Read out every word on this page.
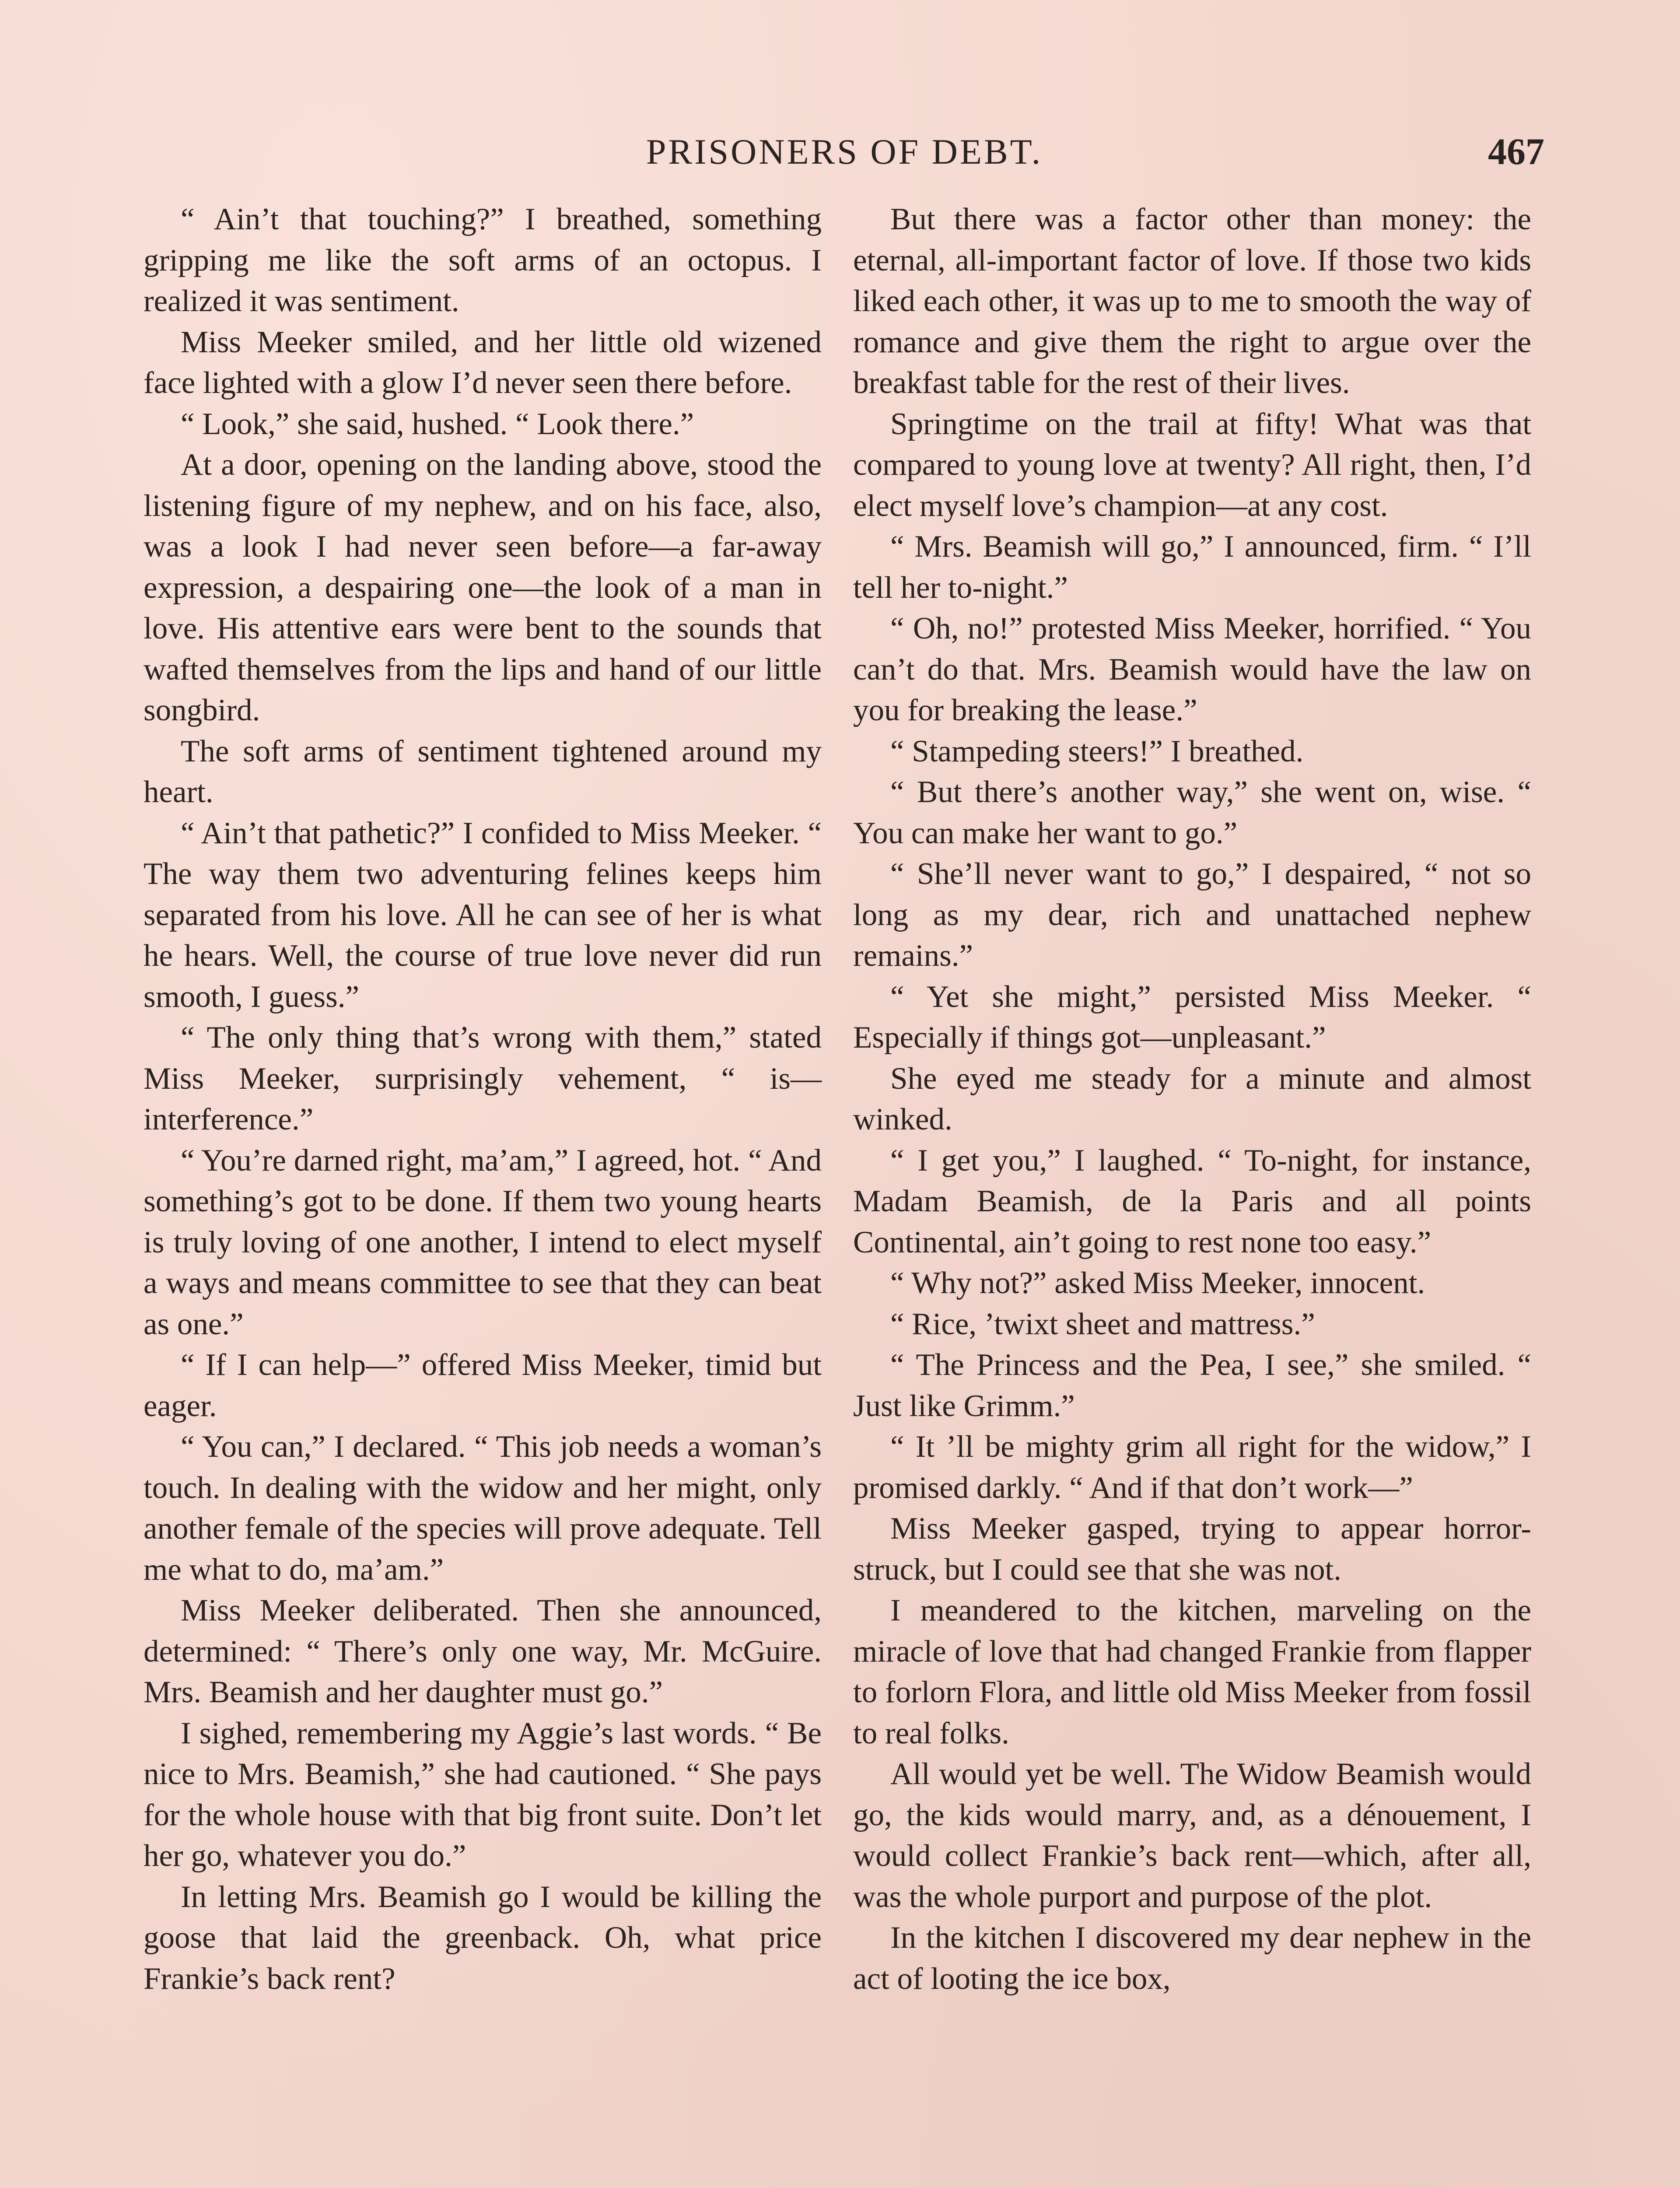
PRISONERS OF DEBT.	467

“ Ain’t that touching?” I breathed, something gripping me like the soft arms of an octopus. I realized it was sentiment.

Miss Meeker smiled, and her little old wizened face lighted with a glow I’d never seen there before.

“ Look,” she said, hushed. “ Look there.”

At a door, opening on the landing above, stood the listening figure of my nephew, and on his face, also, was a look I had never seen before—a far-away expression, a despairing one—the look of a man in love. His attentive ears were bent to the sounds that wafted themselves from the lips and hand of our little songbird.

The soft arms of sentiment tightened around my heart.

“ Ain’t that pathetic?” I confided to Miss Meeker. “ The way them two adventuring felines keeps him separated from his love. All he can see of her is what he hears. Well, the course of true love never did run smooth, I guess.”

“ The only thing that’s wrong with them,” stated Miss Meeker, surprisingly vehement, “ is—interference.”

“ You’re darned right, ma’am,” I agreed, hot. “ And something’s got to be done. If them two young hearts is truly loving of one another, I intend to elect myself a ways and means committee to see that they can beat as one.”

“ If I can help—” offered Miss Meeker, timid but eager.

“ You can,” I declared. “ This job needs a woman’s touch. In dealing with the widow and her might, only another female of the species will prove adequate. Tell me what to do, ma’am.”

Miss Meeker deliberated. Then she announced, determined: “ There’s only one way, Mr. McGuire. Mrs. Beamish and her daughter must go.”

I sighed, remembering my Aggie’s last words. “ Be nice to Mrs. Beamish,” she had cautioned. “ She pays for the whole house with that big front suite. Don’t let her go, whatever you do.”

In letting Mrs. Beamish go I would be killing the goose that laid the greenback. Oh, what price Frankie’s back rent?

But there was a factor other than money: the eternal, all-important factor of love. If those two kids liked each other, it was up to me to smooth the way of romance and give them the right to argue over the breakfast table for the rest of their lives.

Springtime on the trail at fifty! What was that compared to young love at twenty? All right, then, I’d elect myself love’s champion—at any cost.

“ Mrs. Beamish will go,” I announced, firm. “ I’ll tell her to-night.”

“ Oh, no!” protested Miss Meeker, horrified. “ You can’t do that. Mrs. Beamish would have the law on you for breaking the lease.”

“ Stampeding steers!” I breathed.

“ But there’s another way,” she went on, wise. “ You can make her want to go.”

“ She’ll never want to go,” I despaired, “ not so long as my dear, rich and unattached nephew remains.”

“ Yet she might,” persisted Miss Meeker. “ Especially if things got—unpleasant.”

She eyed me steady for a minute and almost winked.

“ I get you,” I laughed. “ To-night, for instance, Madam Beamish, de la Paris and all points Continental, ain’t going to rest none too easy.”

“ Why not?” asked Miss Meeker, innocent.

“ Rice, ’twixt sheet and mattress.”

“ The Princess and the Pea, I see,” she smiled. “ Just like Grimm.”

“ It ’ll be mighty grim all right for the widow,” I promised darkly. “ And if that don’t work—”

Miss Meeker gasped, trying to appear horror-struck, but I could see that she was not.

I meandered to the kitchen, marveling on the miracle of love that had changed Frankie from flapper to forlorn Flora, and little old Miss Meeker from fossil to real folks.

All would yet be well. The Widow Beamish would go, the kids would marry, and, as a dénouement, I would collect Frankie’s back rent—which, after all, was the whole purport and purpose of the plot.

In the kitchen I discovered my dear nephew in the act of looting the ice box,
